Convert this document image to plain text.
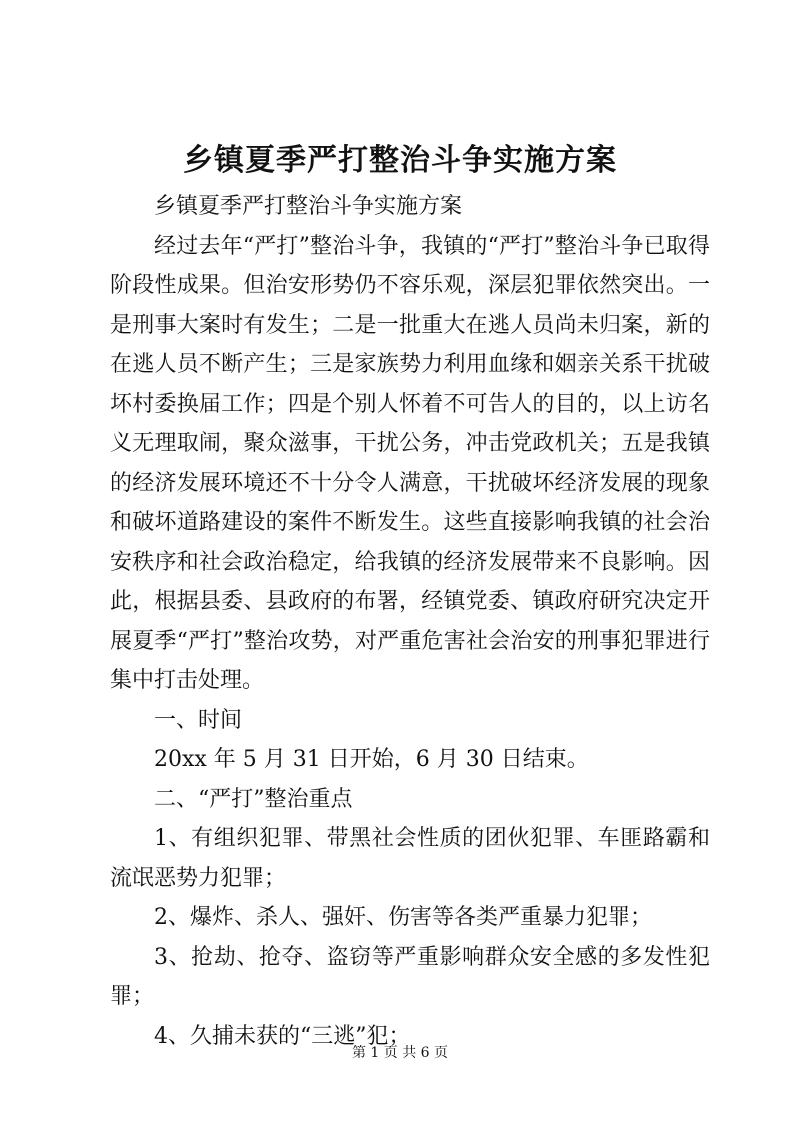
乡镇夏季严打整治斗争实施方案

乡镇夏季严打整治斗争实施方案

经过去年“严打”整治斗争，我镇的“严打”整治斗争已取得阶段性成果。但治安形势仍不容乐观，深层犯罪依然突出。一是刑事大案时有发生；二是一批重大在逃人员尚未归案，新的在逃人员不断产生；三是家族势力利用血缘和姻亲关系干扰破坏村委换届工作；四是个别人怀着不可告人的目的，以上访名义无理取闹，聚众滋事，干扰公务，冲击党政机关；五是我镇的经济发展环境还不十分令人满意，干扰破坏经济发展的现象和破坏道路建设的案件不断发生。这些直接影响我镇的社会治安秩序和社会政治稳定，给我镇的经济发展带来不良影响。因此，根据县委、县政府的布署，经镇党委、镇政府研究决定开展夏季“严打”整治攻势，对严重危害社会治安的刑事犯罪进行集中打击处理。

一、时间

20xx 年 5 月 31 日开始，6 月 30 日结束。

二、“严打”整治重点

1、有组织犯罪、带黑社会性质的团伙犯罪、车匪路霸和流氓恶势力犯罪；

2、爆炸、杀人、强奸、伤害等各类严重暴力犯罪；

3、抢劫、抢夺、盗窃等严重影响群众安全感的多发性犯罪；

4、久捕未获的“三逃”犯；

第 1 页 共 6 页
